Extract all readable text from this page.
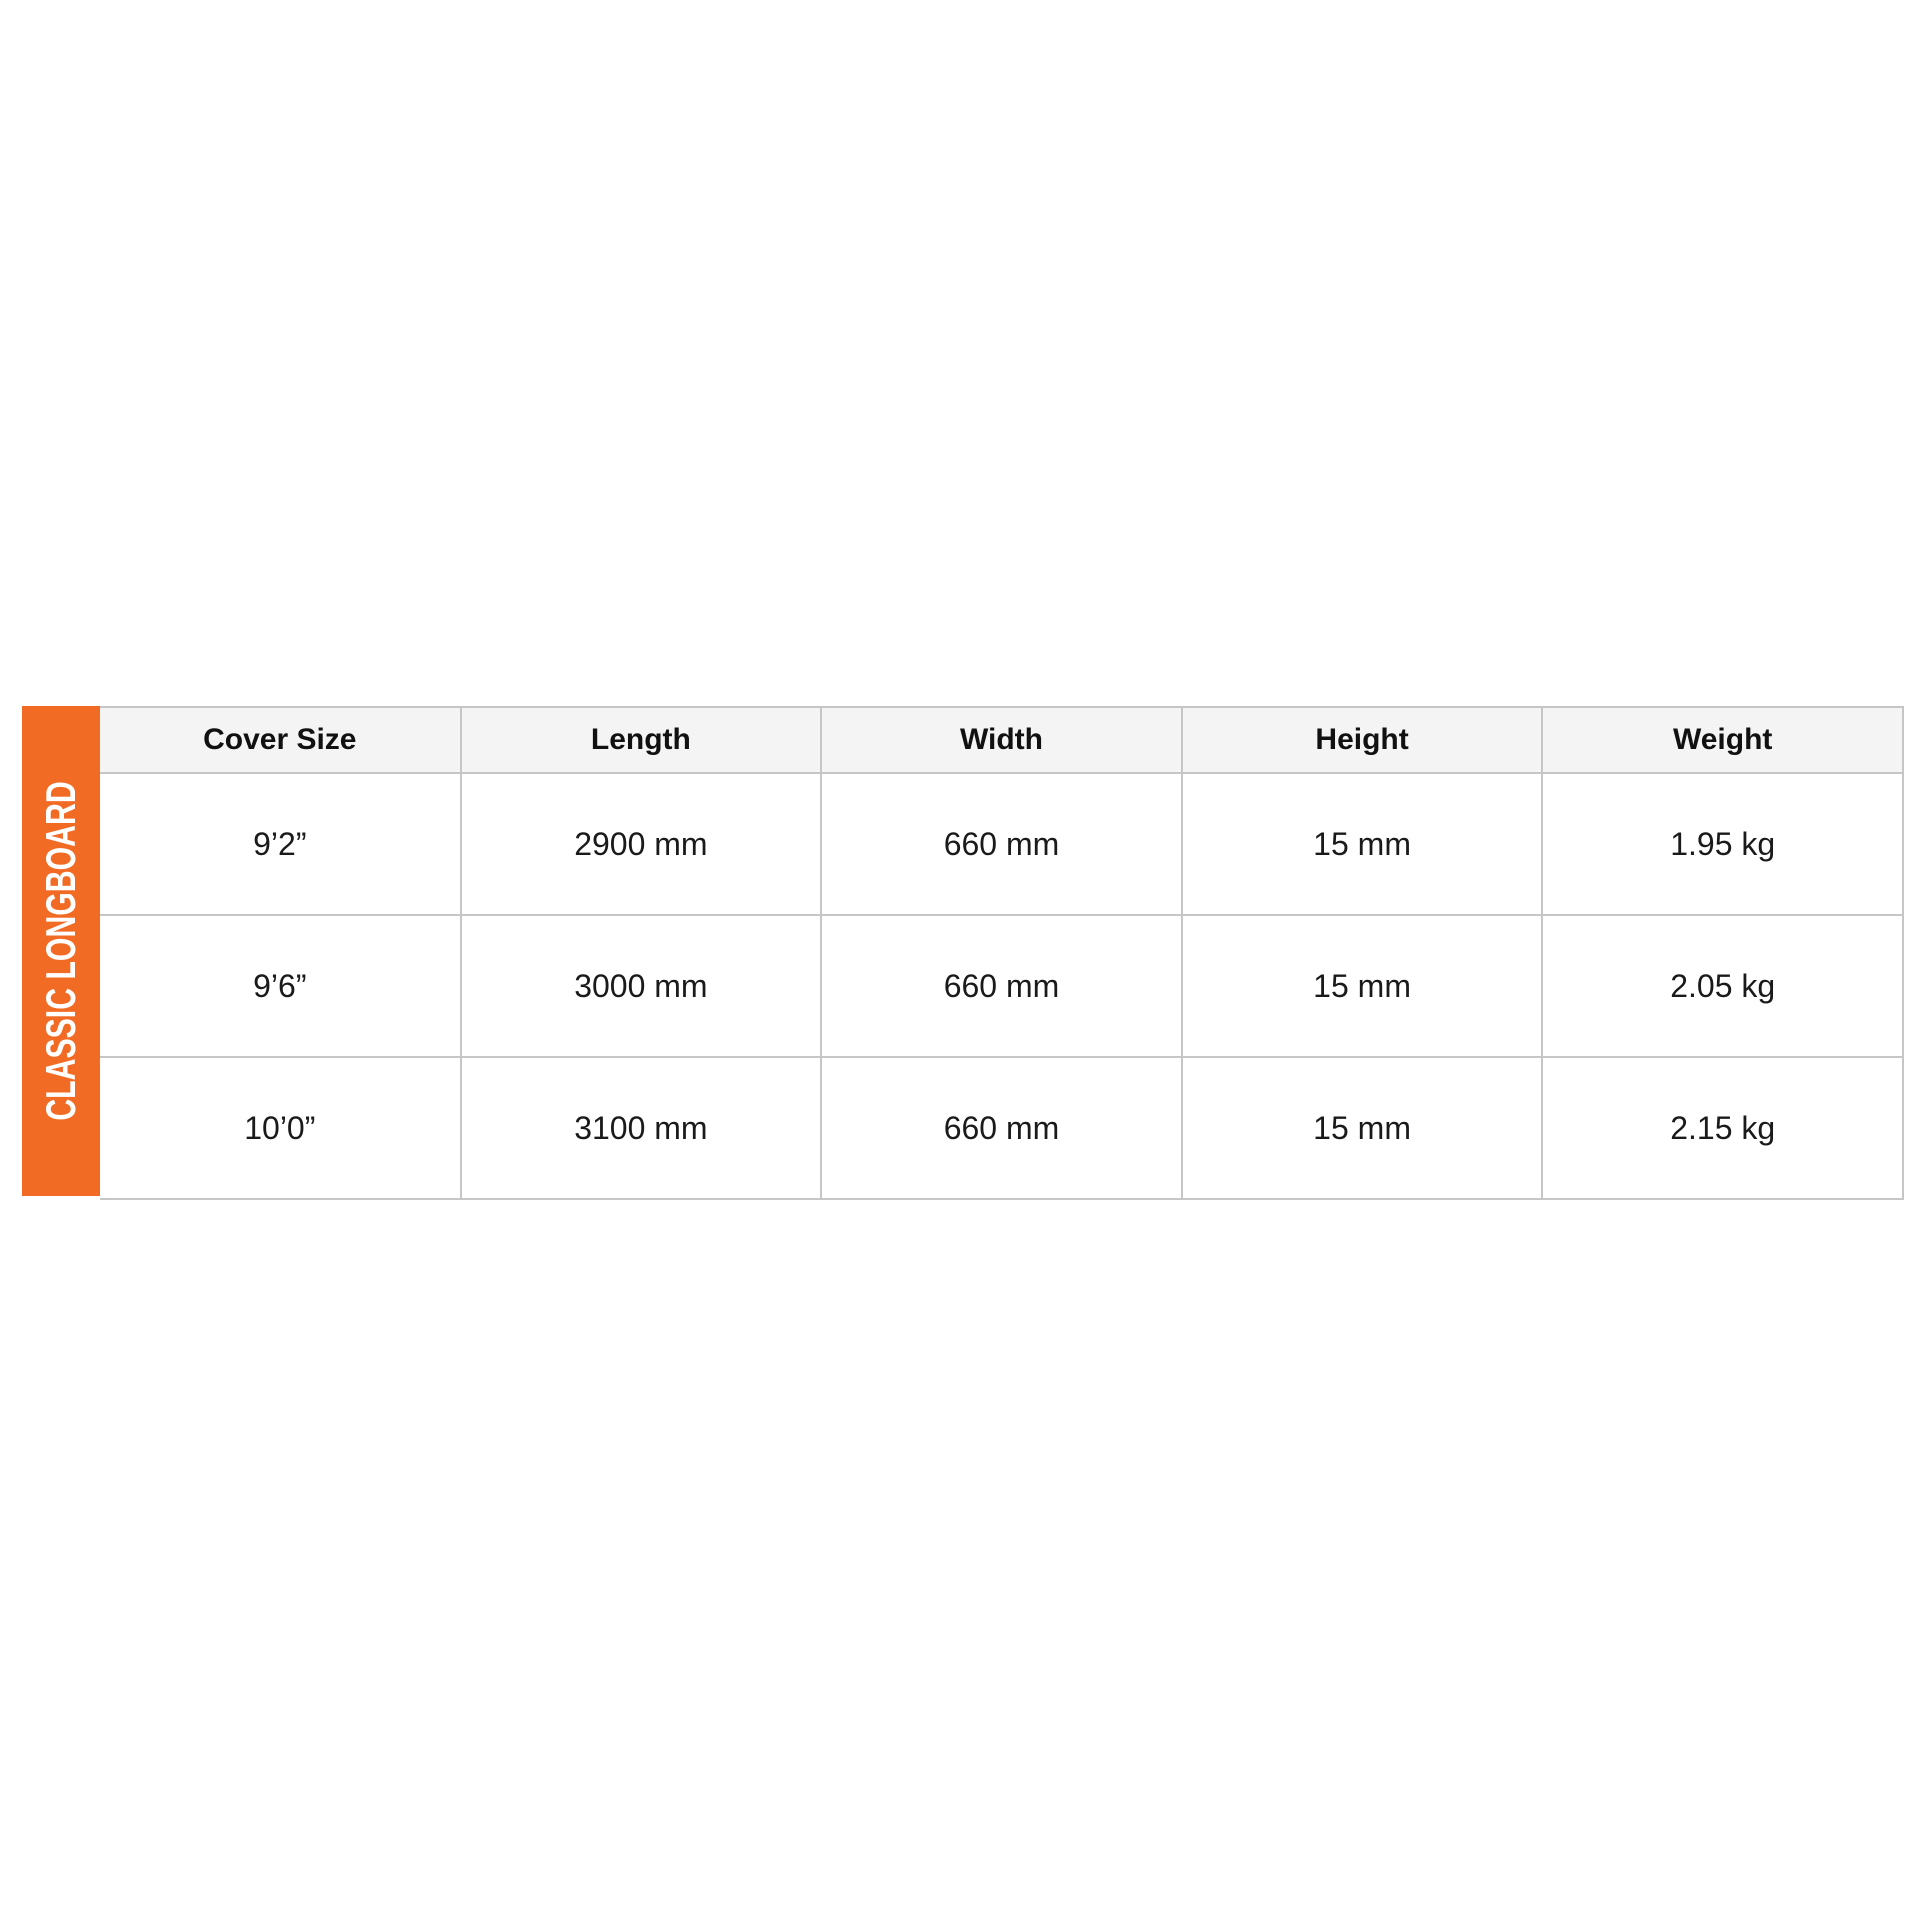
CLASSIC LONGBOARD
Cover Size	Length	Width	Height	Weight
9’2”	2900 mm	660 mm	15 mm	1.95 kg
9’6”	3000 mm	660 mm	15 mm	2.05 kg
10’0”	3100 mm	660 mm	15 mm	2.15 kg
